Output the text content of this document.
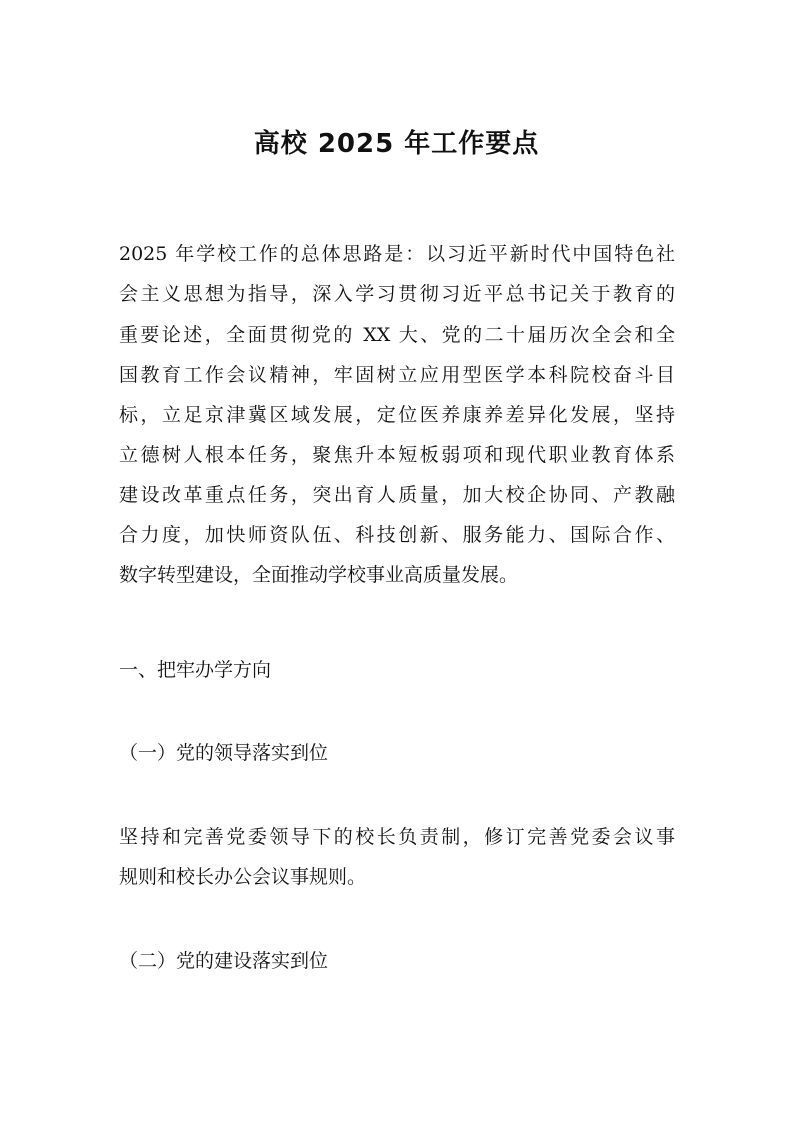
高校 2025 年工作要点
2025 年学校工作的总体思路是：以习近平新时代中国特色社
会主义思想为指导，深入学习贯彻习近平总书记关于教育的
重要论述，全面贯彻党的 XX 大、党的二十届历次全会和全
国教育工作会议精神，牢固树立应用型医学本科院校奋斗目
标，立足京津冀区域发展，定位医养康养差异化发展，坚持
立德树人根本任务，聚焦升本短板弱项和现代职业教育体系
建设改革重点任务，突出育人质量，加大校企协同、产教融
合力度，加快师资队伍、科技创新、服务能力、国际合作、
数字转型建设，全面推动学校事业高质量发展。
一、把牢办学方向
（一）党的领导落实到位
坚持和完善党委领导下的校长负责制，修订完善党委会议事
规则和校长办公会议事规则。
（二）党的建设落实到位
